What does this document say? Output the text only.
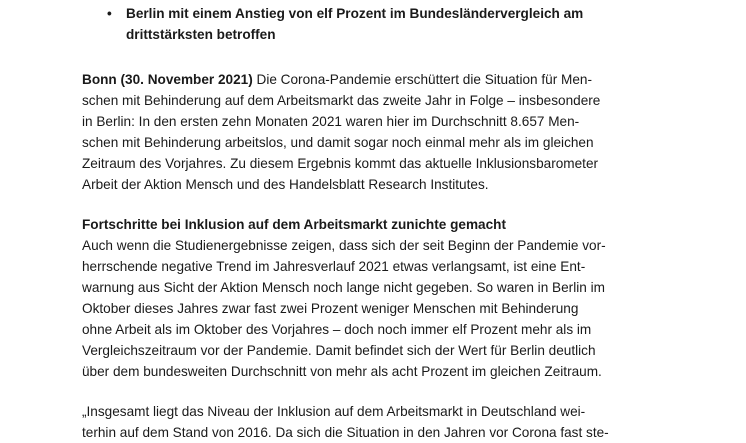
• Berlin mit einem Anstieg von elf Prozent im Bundesländervergleich am
drittstärksten betroffen

Bonn (30. November 2021) Die Corona-Pandemie erschüttert die Situation für Men-
schen mit Behinderung auf dem Arbeitsmarkt das zweite Jahr in Folge – insbesondere
in Berlin: In den ersten zehn Monaten 2021 waren hier im Durchschnitt 8.657 Men-
schen mit Behinderung arbeitslos, und damit sogar noch einmal mehr als im gleichen
Zeitraum des Vorjahres. Zu diesem Ergebnis kommt das aktuelle Inklusionsbarometer
Arbeit der Aktion Mensch und des Handelsblatt Research Institutes.

Fortschritte bei Inklusion auf dem Arbeitsmarkt zunichte gemacht
Auch wenn die Studienergebnisse zeigen, dass sich der seit Beginn der Pandemie vor-
herrschende negative Trend im Jahresverlauf 2021 etwas verlangsamt, ist eine Ent-
warnung aus Sicht der Aktion Mensch noch lange nicht gegeben. So waren in Berlin im
Oktober dieses Jahres zwar fast zwei Prozent weniger Menschen mit Behinderung
ohne Arbeit als im Oktober des Vorjahres – doch noch immer elf Prozent mehr als im
Vergleichszeitraum vor der Pandemie. Damit befindet sich der Wert für Berlin deutlich
über dem bundesweiten Durchschnitt von mehr als acht Prozent im gleichen Zeitraum.

„Insgesamt liegt das Niveau der Inklusion auf dem Arbeitsmarkt in Deutschland wei-
terhin auf dem Stand von 2016. Da sich die Situation in den Jahren vor Corona fast ste-
